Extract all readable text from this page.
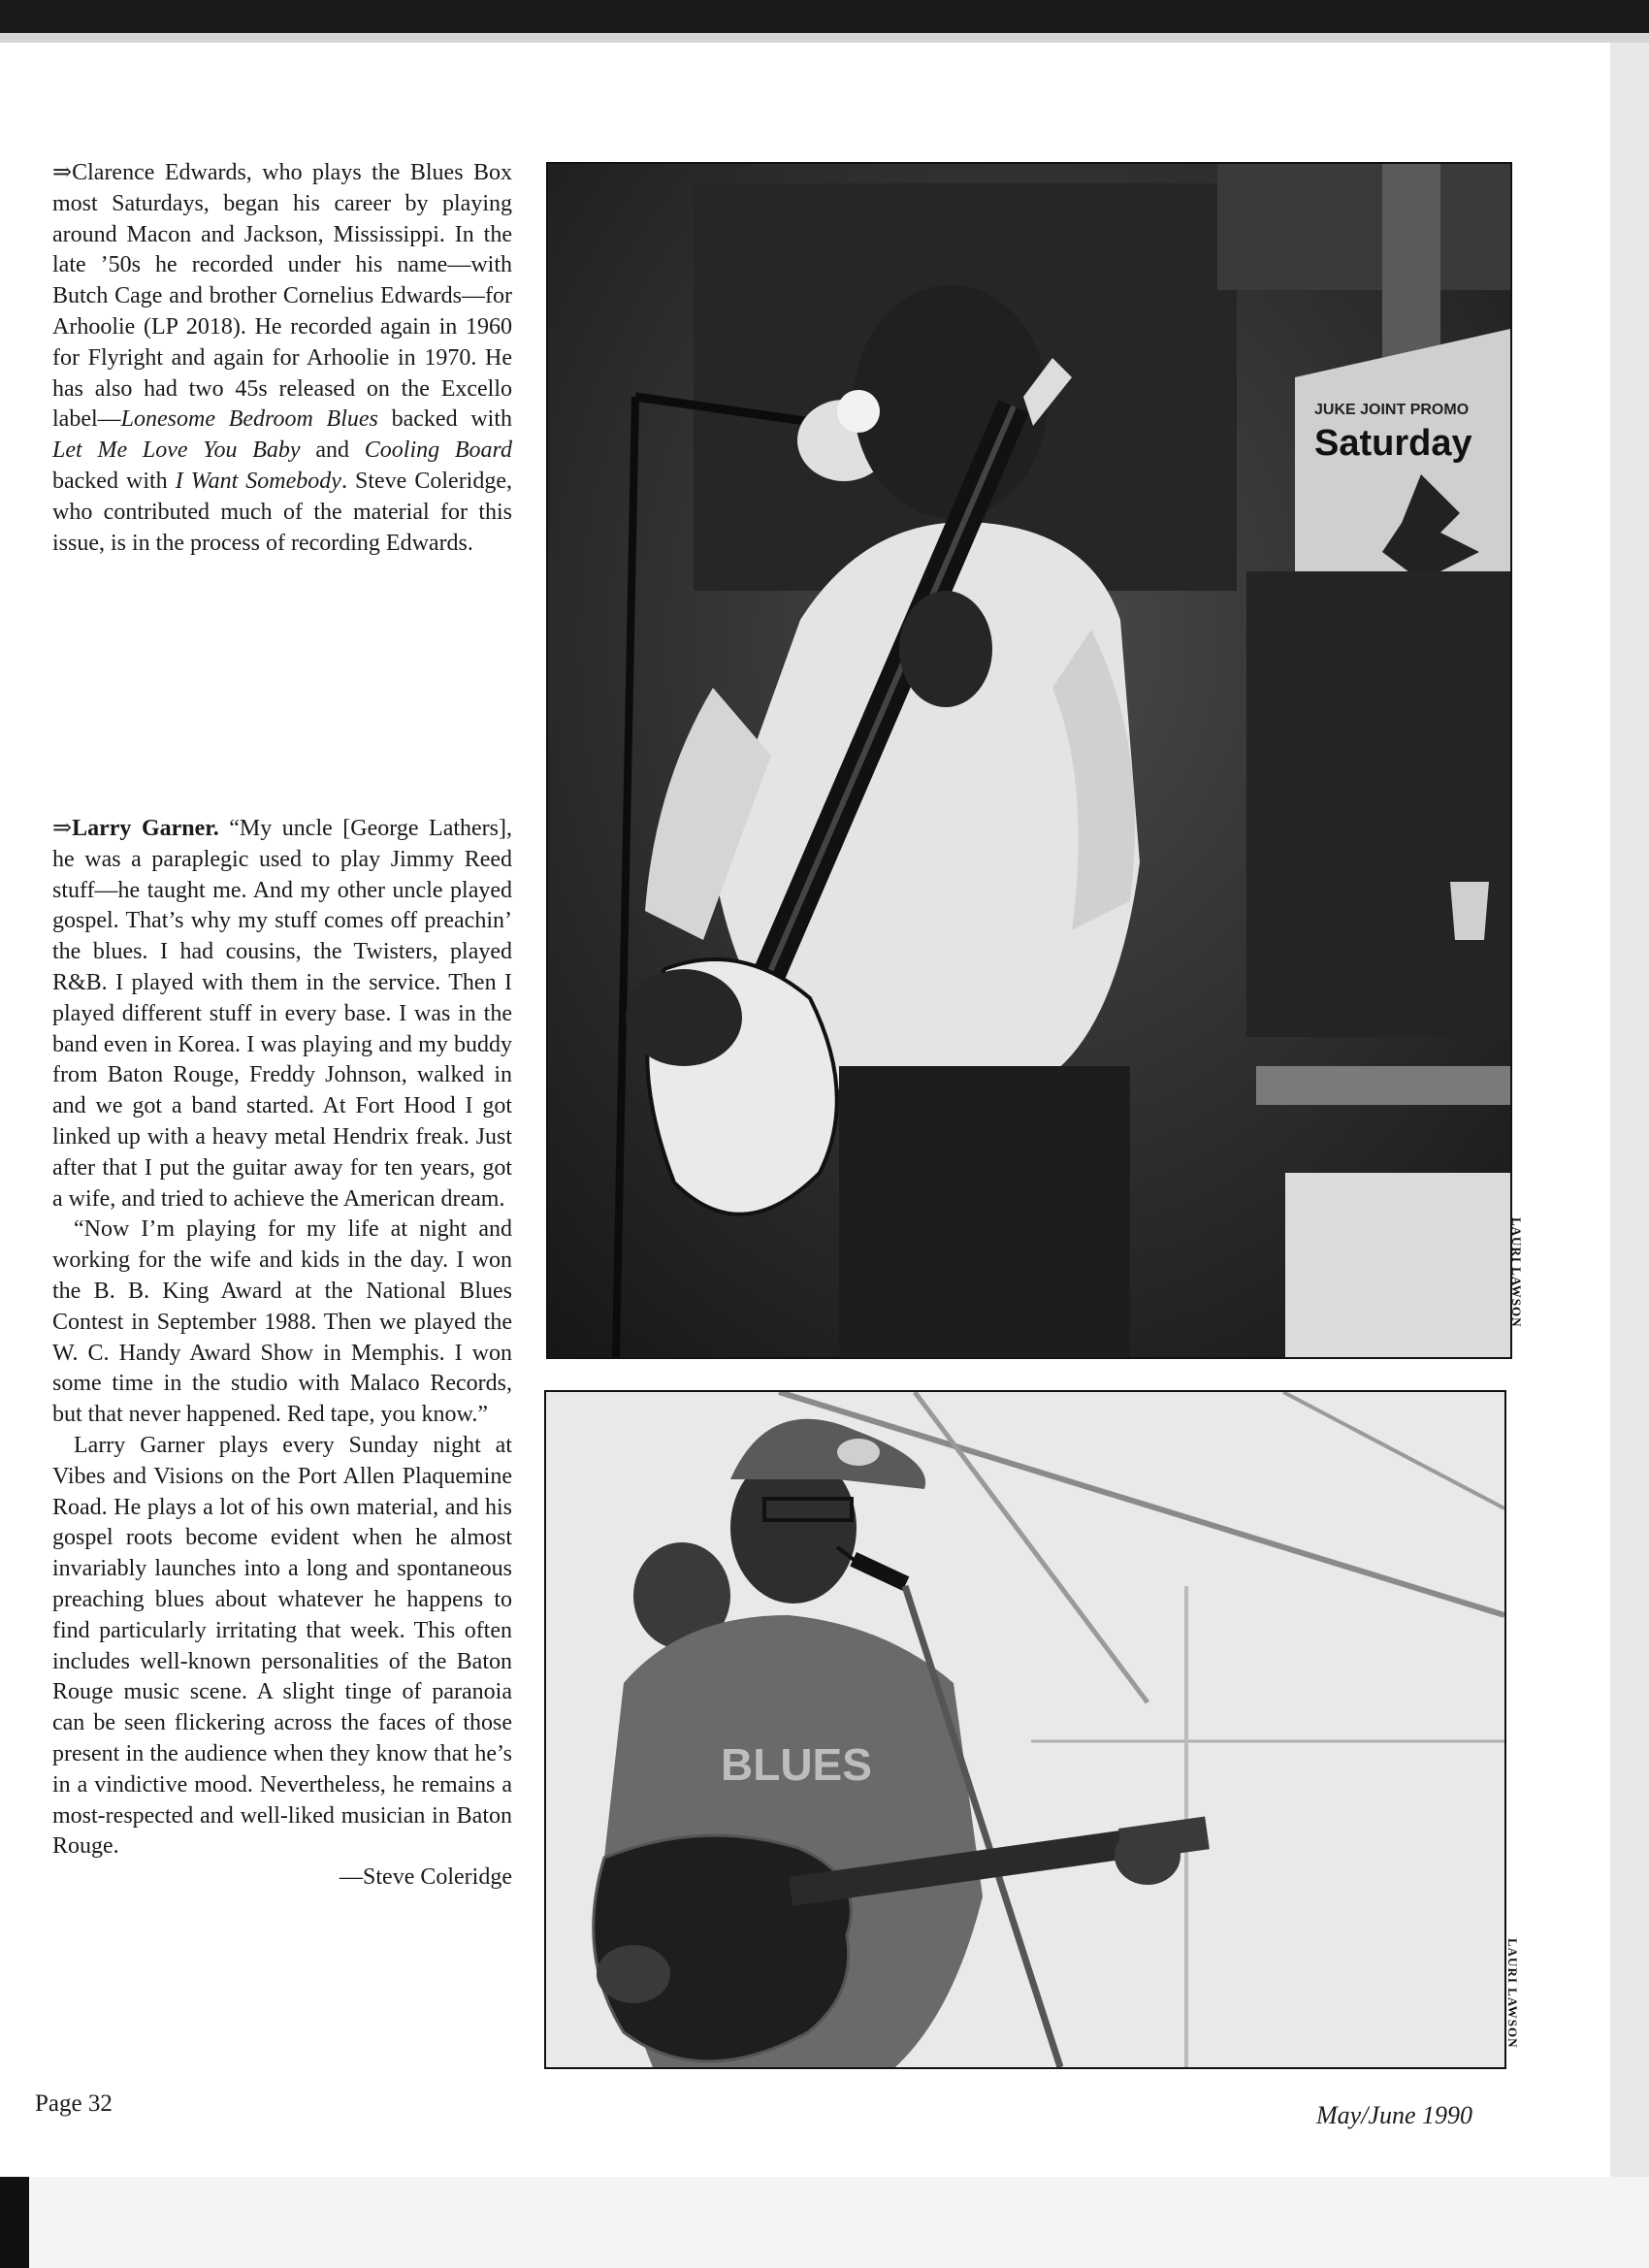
⇒Clarence Edwards, who plays the Blues Box most Saturdays, began his career by playing around Macon and Jackson, Mississippi. In the late ’50s he recorded under his name—with Butch Cage and brother Cornelius Edwards—for Arhoolie (LP 2018). He recorded again in 1960 for Flyright and again for Arhoolie in 1970. He has also had two 45s released on the Excello label—Lonesome Bedroom Blues backed with Let Me Love You Baby and Cooling Board backed with I Want Somebody. Steve Coleridge, who contributed much of the material for this issue, is in the process of recording Edwards.

⇒Larry Garner. “My uncle [George Lathers], he was a paraplegic used to play Jimmy Reed stuff—he taught me. And my other uncle played gospel. That’s why my stuff comes off preachin’ the blues. I had cousins, the Twisters, played R&B. I played with them in the service. Then I played different stuff in every base. I was in the band even in Korea. I was playing and my buddy from Baton Rouge, Freddy Johnson, walked in and we got a band started. At Fort Hood I got linked up with a heavy metal Hendrix freak. Just after that I put the guitar away for ten years, got a wife, and tried to achieve the American dream.

“Now I’m playing for my life at night and working for the wife and kids in the day. I won the B. B. King Award at the National Blues Contest in September 1988. Then we played the W. C. Handy Award Show in Memphis. I won some time in the studio with Malaco Records, but that never happened. Red tape, you know.”

Larry Garner plays every Sunday night at Vibes and Visions on the Port Allen Plaquemine Road. He plays a lot of his own material, and his gospel roots become evident when he almost invariably launches into a long and spontaneous preaching blues about whatever he happens to find particularly irritating that week. This often includes well-known personalities of the Baton Rouge music scene. A slight tinge of paranoia can be seen flickering across the faces of those present in the audience when they know that he’s in a vindictive mood. Nevertheless, he remains a most-respected and well-liked musician in Baton Rouge.

—Steve Coleridge

JUKE JOINT PROMO
Saturday
LAURI LAWSON
BLUES
LAURI LAWSON
Page 32	May/June 1990
